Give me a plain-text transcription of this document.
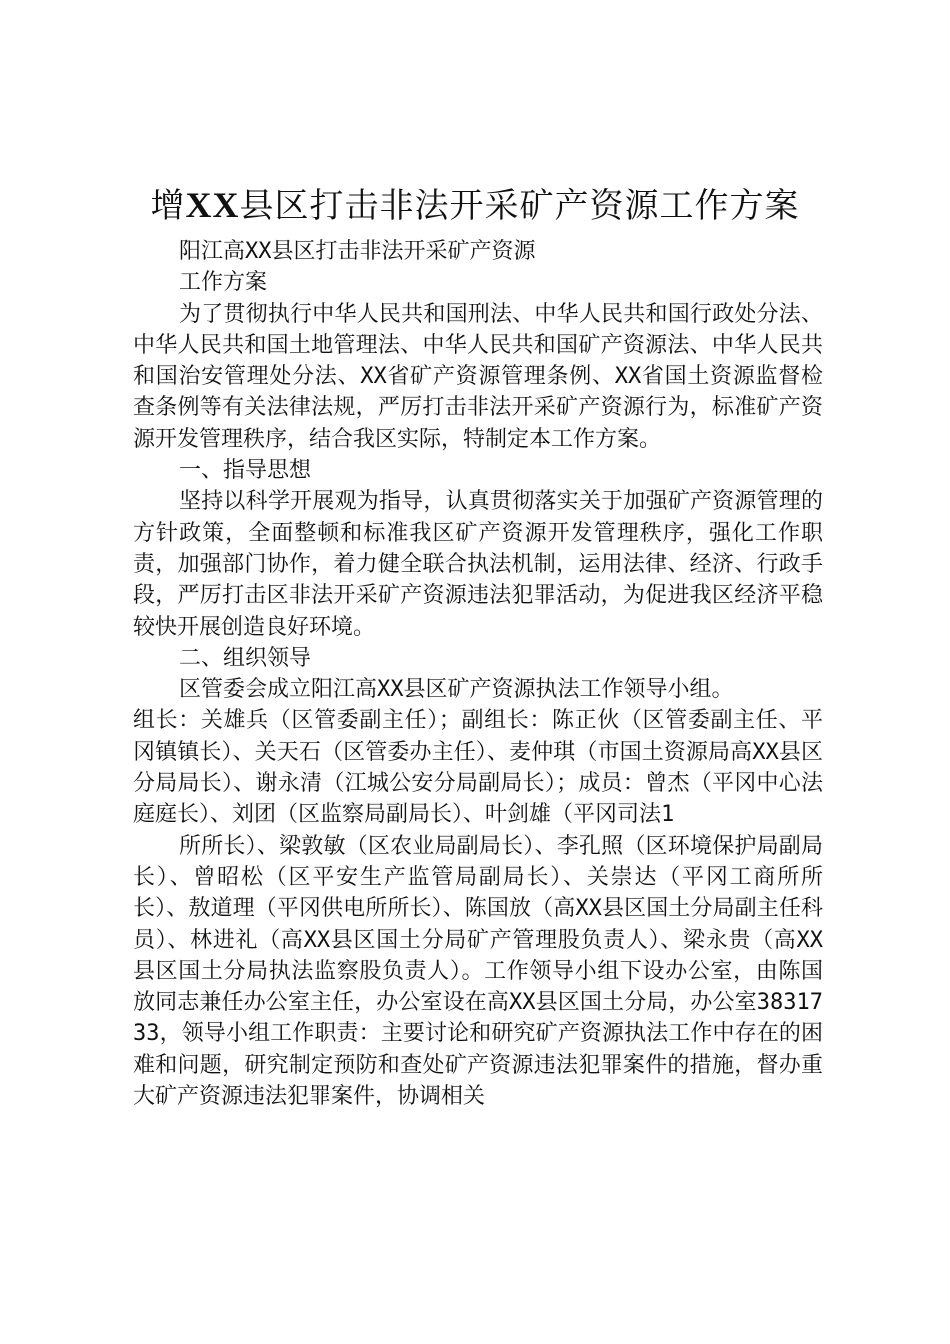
增XX县区打击非法开采矿产资源工作方案

阳江高XX县区打击非法开采矿产资源

工作方案

为了贯彻执行中华人民共和国刑法、中华人民共和国行政处分法、中华人民共和国土地管理法、中华人民共和国矿产资源法、中华人民共和国治安管理处分法、XX省矿产资源管理条例、XX省国土资源监督检查条例等有关法律法规，严厉打击非法开采矿产资源行为，标准矿产资源开发管理秩序，结合我区实际，特制定本工作方案。

一、指导思想

坚持以科学开展观为指导，认真贯彻落实关于加强矿产资源管理的方针政策，全面整顿和标准我区矿产资源开发管理秩序，强化工作职责，加强部门协作，着力健全联合执法机制，运用法律、经济、行政手段，严厉打击区非法开采矿产资源违法犯罪活动，为促进我区经济平稳较快开展创造良好环境。

二、组织领导

区管委会成立阳江高XX县区矿产资源执法工作领导小组。

组长：关雄兵（区管委副主任）；副组长：陈正伙（区管委副主任、平冈镇镇长）、关天石（区管委办主任）、麦仲琪（市国土资源局高XX县区分局局长）、谢永清（江城公安分局副局长）；成员：曾杰（平冈中心法庭庭长）、刘团（区监察局副局长）、叶剑雄（平冈司法1

所所长）、梁敦敏（区农业局副局长）、李孔照（区环境保护局副局长）、曾昭松（区平安生产监管局副局长）、关崇达（平冈工商所所长）、敖道理（平冈供电所所长）、陈国放（高XX县区国土分局副主任科员）、林进礼（高XX县区国土分局矿产管理股负责人）、梁永贵（高XX县区国土分局执法监察股负责人）。工作领导小组下设办公室，由陈国放同志兼任办公室主任，办公室设在高XX县区国土分局，办公室3831733，领导小组工作职责：主要讨论和研究矿产资源执法工作中存在的困难和问题，研究制定预防和查处矿产资源违法犯罪案件的措施，督办重大矿产资源违法犯罪案件，协调相关
